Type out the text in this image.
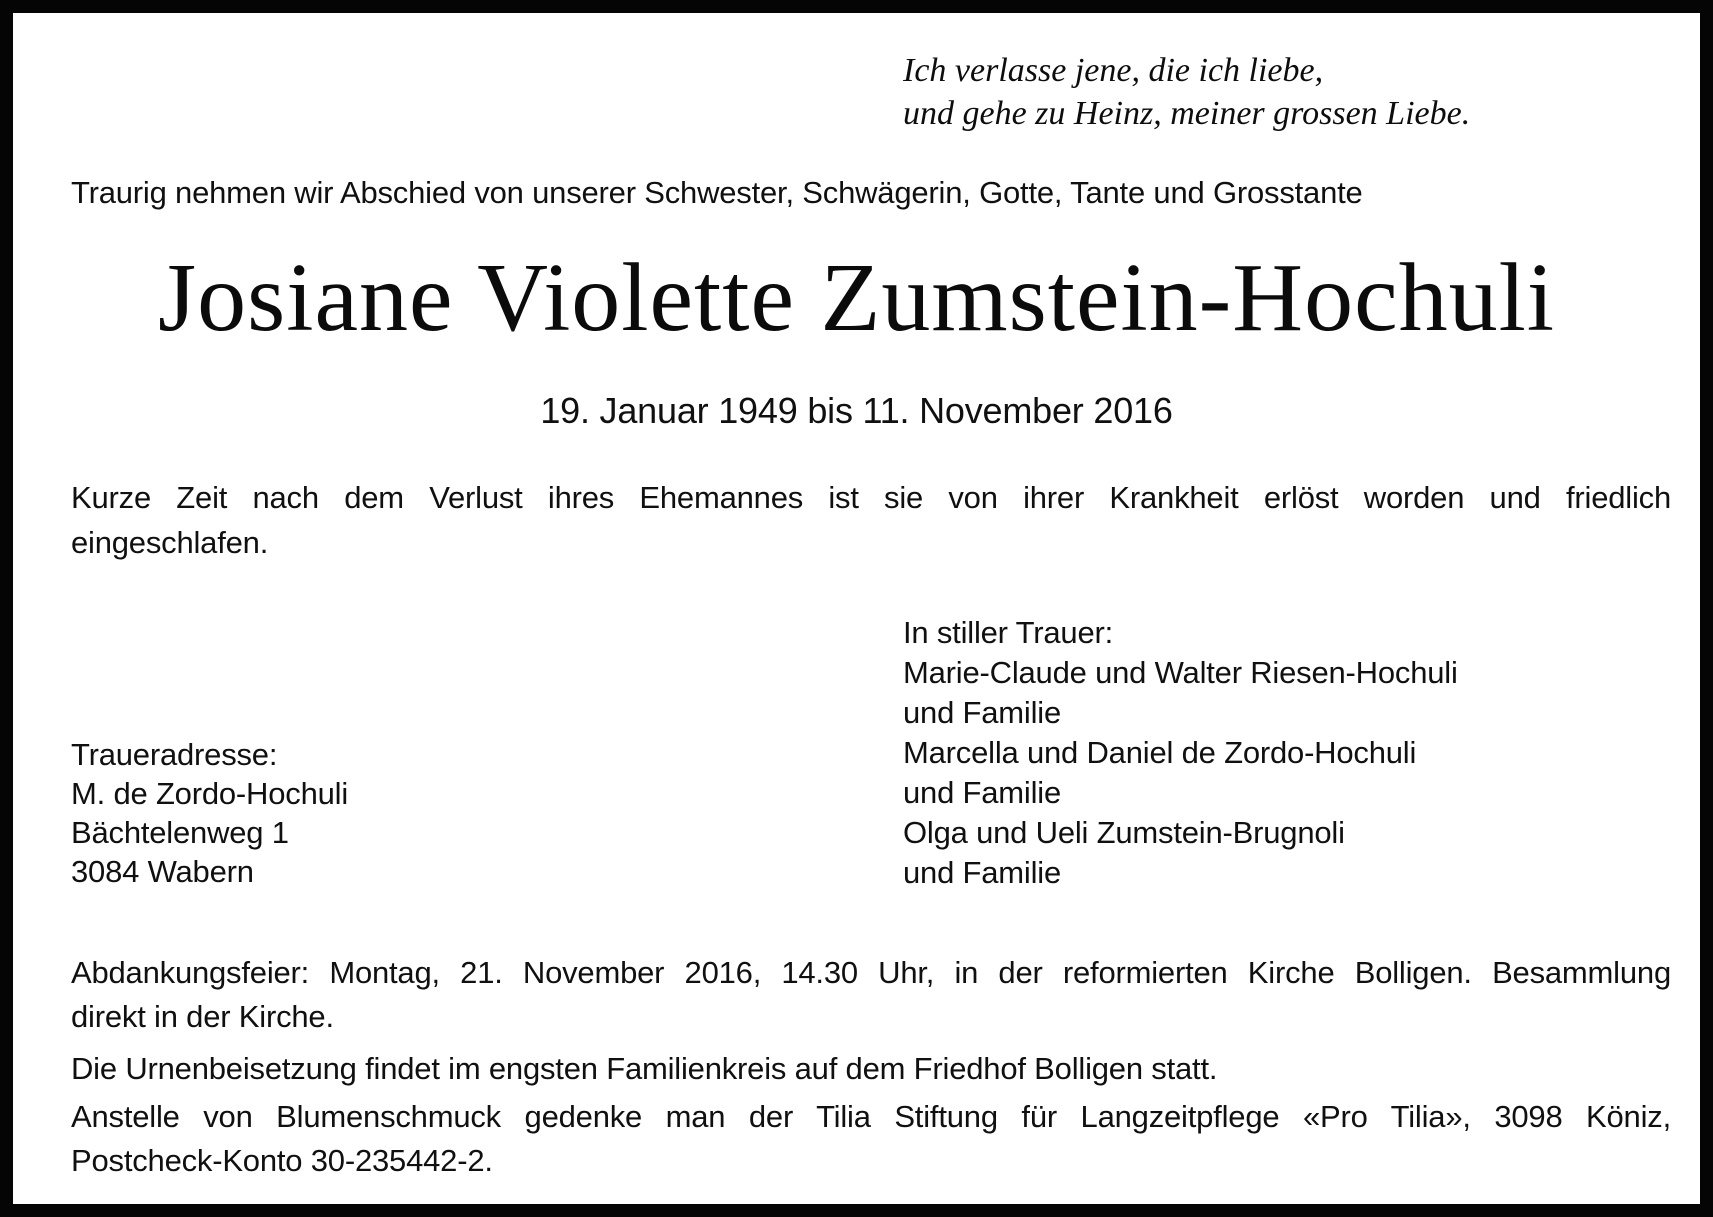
Ich verlasse jene, die ich liebe,
und gehe zu Heinz, meiner grossen Liebe.
Traurig nehmen wir Abschied von unserer Schwester, Schwägerin, Gotte, Tante und Grosstante
Josiane Violette Zumstein-Hochuli
19. Januar 1949 bis 11. November 2016
Kurze Zeit nach dem Verlust ihres Ehemannes ist sie von ihrer Krankheit erlöst worden und friedlich
eingeschlafen.
In stiller Trauer:
Marie-Claude und Walter Riesen-Hochuli
und Familie
Marcella und Daniel de Zordo-Hochuli
und Familie
Olga und Ueli Zumstein-Brugnoli
und Familie
Traueradresse:
M. de Zordo-Hochuli
Bächtelenweg 1
3084 Wabern
Abdankungsfeier: Montag, 21. November 2016, 14.30 Uhr, in der reformierten Kirche Bolligen. Besammlung
direkt in der Kirche.
Die Urnenbeisetzung findet im engsten Familienkreis auf dem Friedhof Bolligen statt.
Anstelle von Blumenschmuck gedenke man der Tilia Stiftung für Langzeitpflege «Pro Tilia», 3098 Köniz,
Postcheck-Konto 30-235442-2.
